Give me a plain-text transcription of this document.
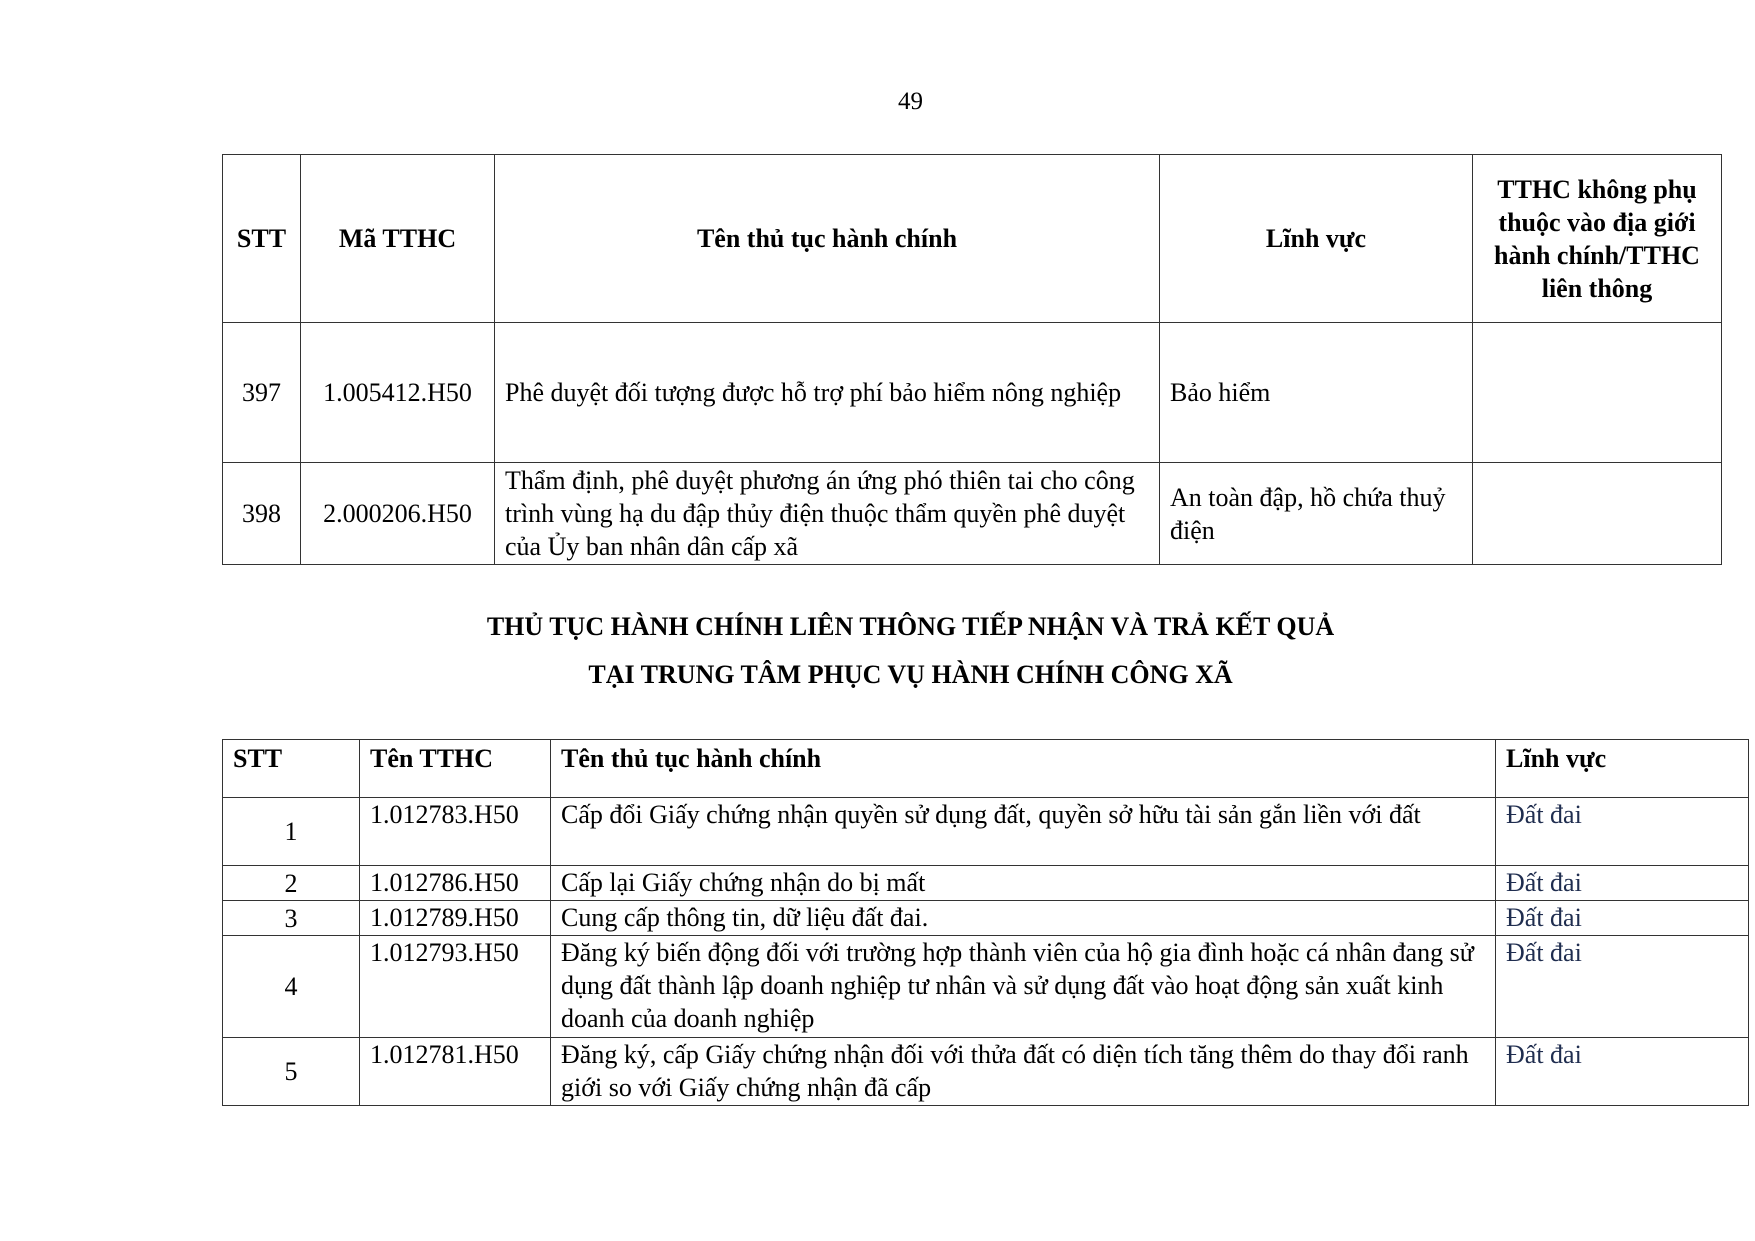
49
STT	Mã TTHC	Tên thủ tục hành chính	Lĩnh vực	TTHC không phụ thuộc vào địa giới hành chính/TTHC liên thông
397	1.005412.H50	Phê duyệt đối tượng được hỗ trợ phí bảo hiểm nông nghiệp	Bảo hiểm	
398	2.000206.H50	Thẩm định, phê duyệt phương án ứng phó thiên tai cho công trình vùng hạ du đập thủy điện thuộc thẩm quyền phê duyệt của Ủy ban nhân dân cấp xã	An toàn đập, hồ chứa thuỷ điện	
THỦ TỤC HÀNH CHÍNH LIÊN THÔNG TIẾP NHẬN VÀ TRẢ KẾT QUẢ
TẠI TRUNG TÂM PHỤC VỤ HÀNH CHÍNH CÔNG XÃ
STT	Tên TTHC	Tên thủ tục hành chính	Lĩnh vực
1	1.012783.H50	Cấp đổi Giấy chứng nhận quyền sử dụng đất, quyền sở hữu tài sản gắn liền với đất	Đất đai
2	1.012786.H50	Cấp lại Giấy chứng nhận do bị mất	Đất đai
3	1.012789.H50	Cung cấp thông tin, dữ liệu đất đai.	Đất đai
4	1.012793.H50	Đăng ký biến động đối với trường hợp thành viên của hộ gia đình hoặc cá nhân đang sử dụng đất thành lập doanh nghiệp tư nhân và sử dụng đất vào hoạt động sản xuất kinh doanh của doanh nghiệp	Đất đai
5	1.012781.H50	Đăng ký, cấp Giấy chứng nhận đối với thửa đất có diện tích tăng thêm do thay đổi ranh giới so với Giấy chứng nhận đã cấp	Đất đai
